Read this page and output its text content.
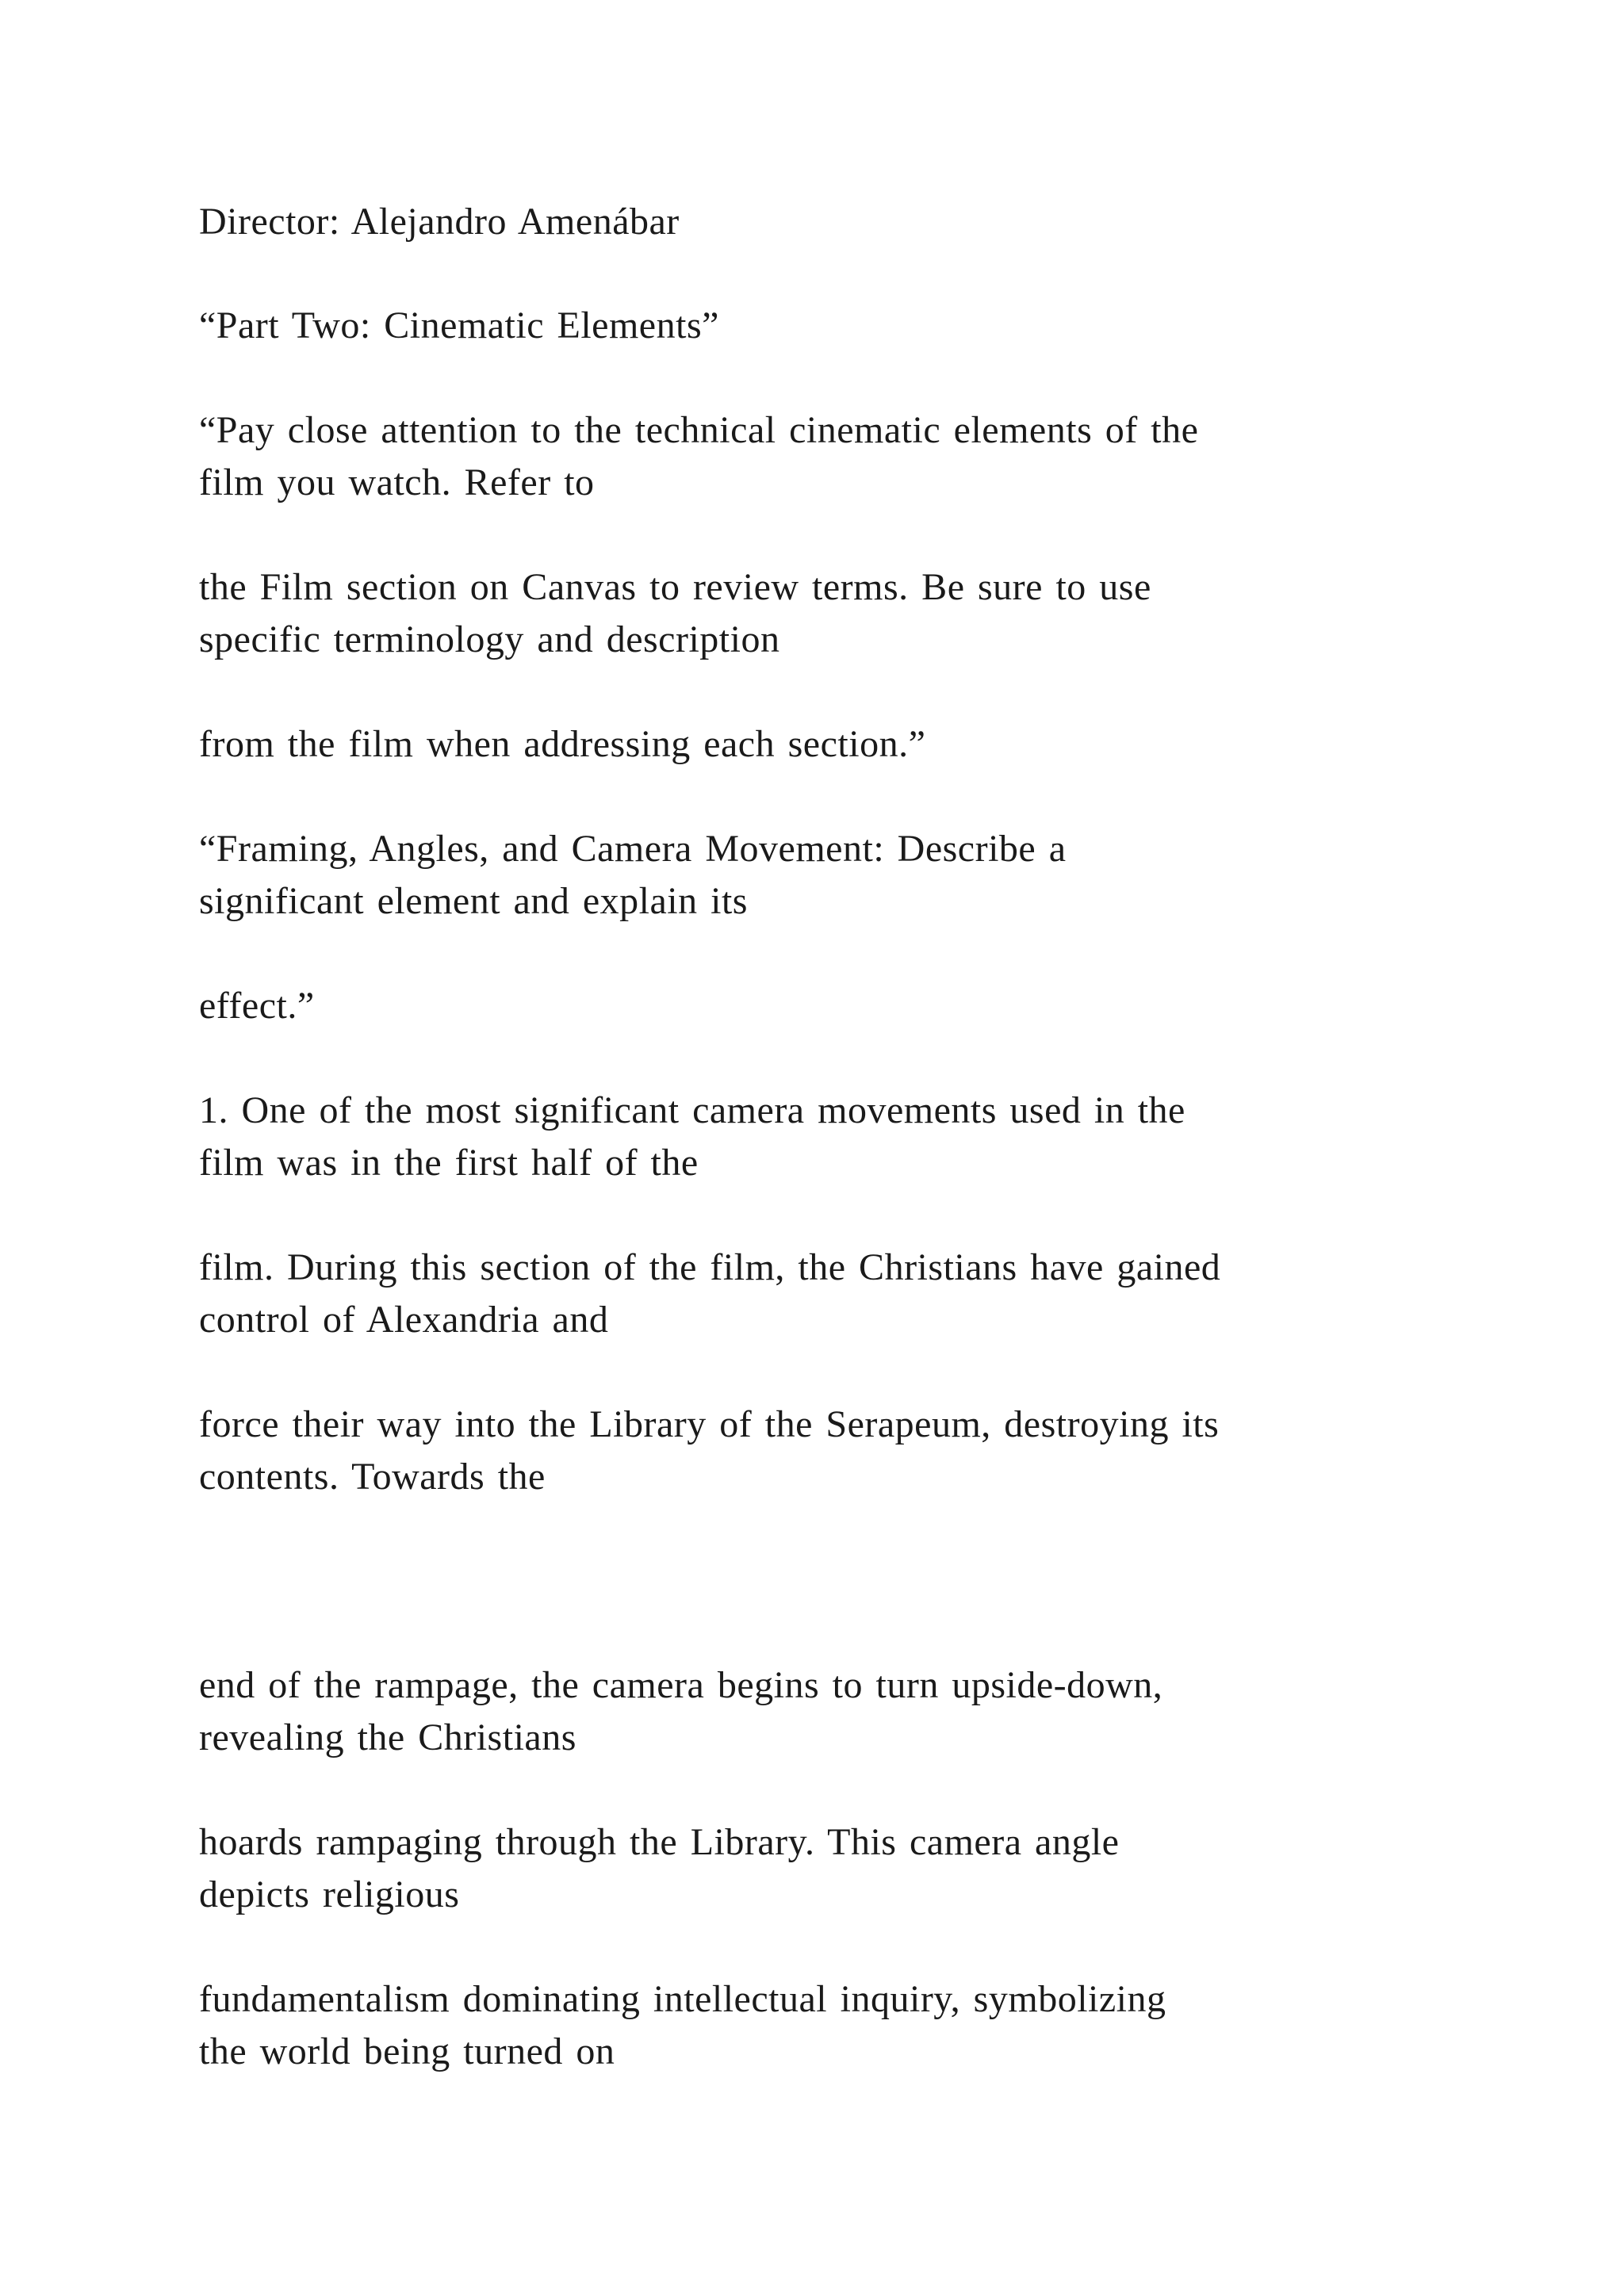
Director: Alejandro Amenábar

“Part Two: Cinematic Elements”

“Pay close attention to the technical cinematic elements of the
film you watch. Refer to

the Film section on Canvas to review terms. Be sure to use
specific terminology and description

from the film when addressing each section.”

“Framing, Angles, and Camera Movement: Describe a
significant element and explain its

effect.”

1. One of the most significant camera movements used in the
film was in the first half of the

film. During this section of the film, the Christians have gained
control of Alexandria and

force their way into the Library of the Serapeum, destroying its
contents. Towards the

end of the rampage, the camera begins to turn upside-down,
revealing the Christians

hoards rampaging through the Library. This camera angle
depicts religious

fundamentalism dominating intellectual inquiry, symbolizing
the world being turned on
